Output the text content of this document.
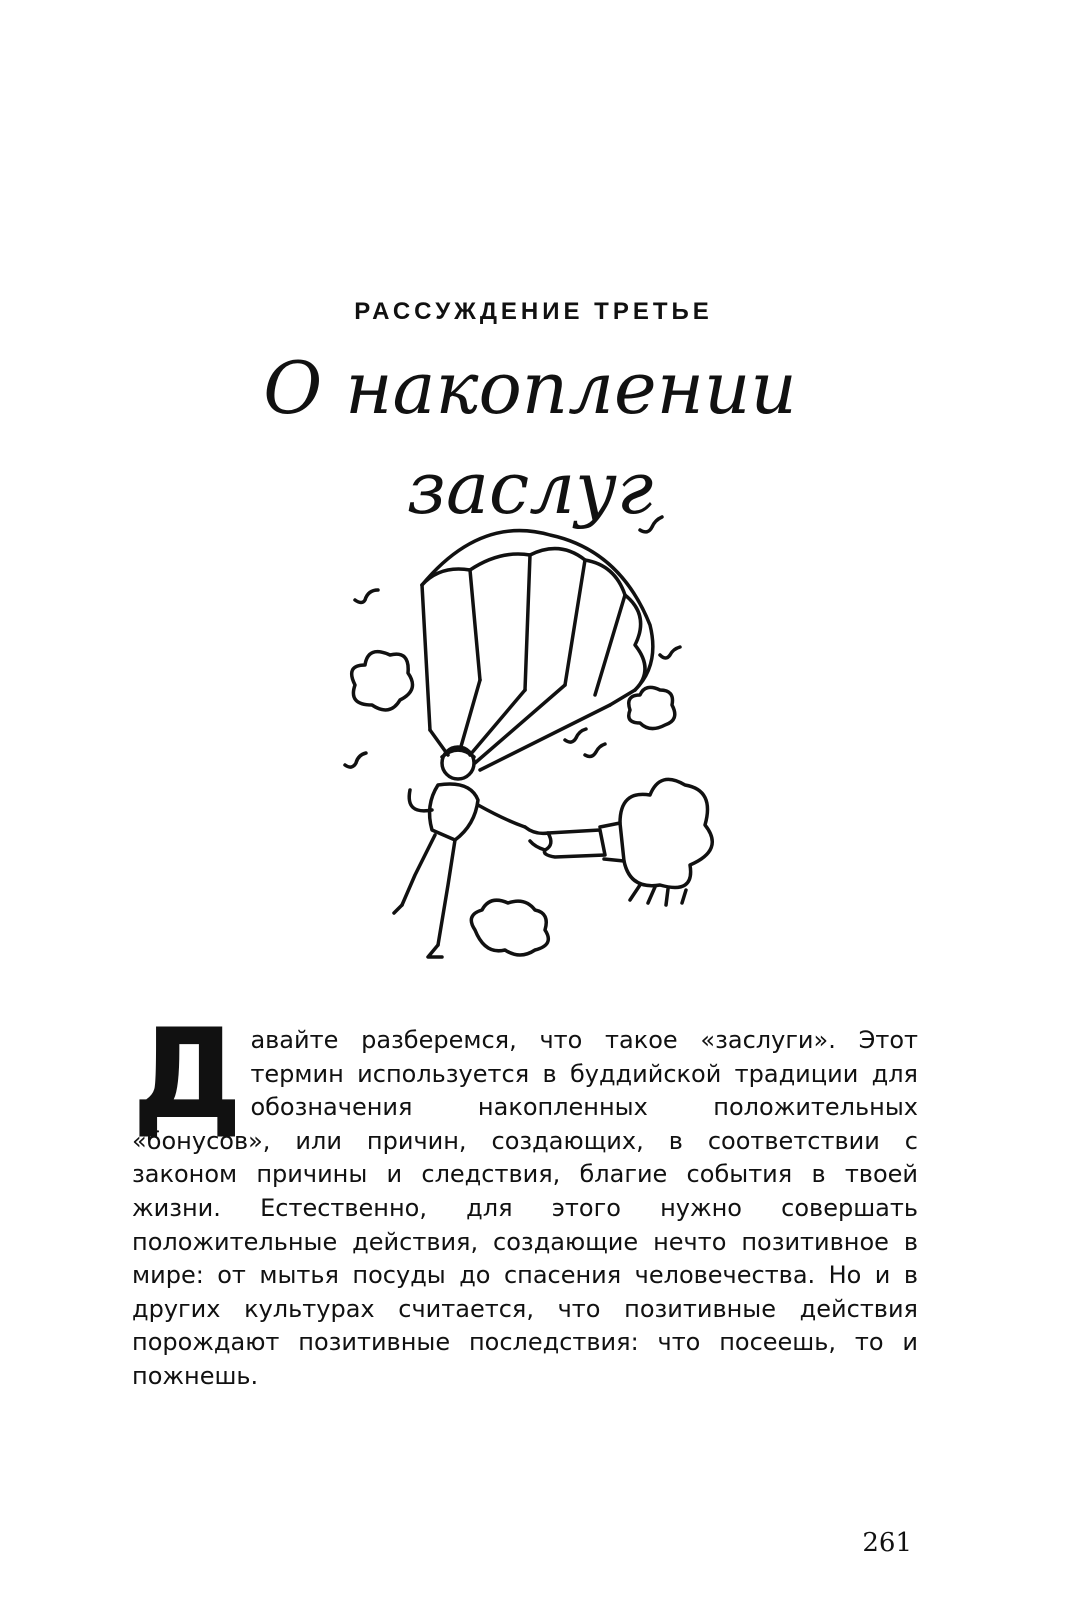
РАССУЖДЕНИЕ ТРЕТЬЕ
О накоплении заслуг

Давайте разберемся, что такое «заслуги». Этот термин используется в буддийской традиции для обозначения накопленных положительных «бонусов», или причин, создающих, в соответствии с законом причины и следствия, благие события в твоей жизни. Естественно, для этого нужно совершать положительные действия, создающие нечто позитивное в мире: от мытья посуды до спасения человечества. Но и в других культурах считается, что позитивные действия порождают позитивные последствия: что посеешь, то и пожнешь.

261
